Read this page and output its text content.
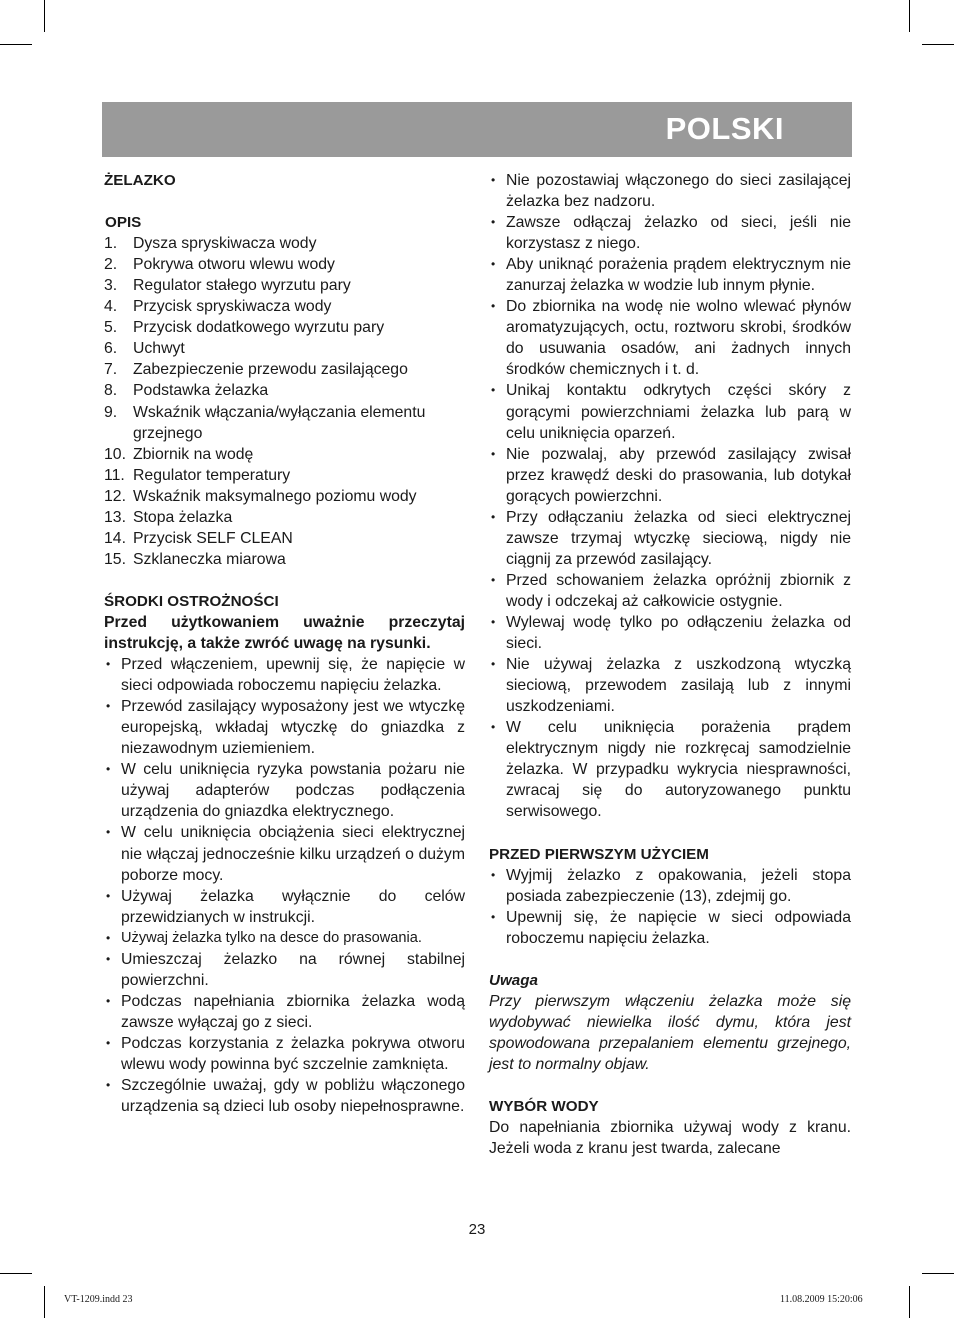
POLSKI

ŻELAZKO

OPIS

1. Dysza spryskiwacza wody
2. Pokrywa otworu wlewu wody
3. Regulator stałego wyrzutu pary
4. Przycisk spryskiwacza wody
5. Przycisk dodatkowego wyrzutu pary
6. Uchwyt
7. Zabezpieczenie przewodu zasilającego
8. Podstawka żelazka
9. Wskaźnik włączania/wyłączania elementu grzejnego
10. Zbiornik na wodę
11. Regulator temperatury
12. Wskaźnik maksymalnego poziomu wody
13. Stopa żelazka
14. Przycisk SELF CLEAN
15. Szklaneczka miarowa

ŚRODKI OSTROŻNOŚCI

Przed użytkowaniem uważnie przeczytaj instrukcję, a także zwróć uwagę na rysunki.

• Przed włączeniem, upewnij się, że napięcie w sieci odpowiada roboczemu napięciu żelazka.
• Przewód zasilający wyposażony jest we wtyczkę europejską, wkładaj wtyczkę do gniazdka z niezawodnym uziemieniem.
• W celu uniknięcia ryzyka powstania pożaru nie używaj adapterów podczas podłączenia urządzenia do gniazdka elektrycznego.
• W celu uniknięcia obciążenia sieci elektrycznej nie włączaj jednocześnie kilku urządzeń o dużym poborze mocy.
• Używaj żelazka wyłącznie do celów przewidzianych w instrukcji.
• Używaj żelazka tylko na desce do prasowania.
• Umieszczaj żelazko na równej stabilnej powierzchni.
• Podczas napełniania zbiornika żelazka wodą zawsze wyłączaj go z sieci.
• Podczas korzystania z żelazka pokrywa otworu wlewu wody powinna być szczelnie zamknięta.
• Szczególnie uważaj, gdy w pobliżu włączonego urządzenia są dzieci lub osoby niepełnosprawne.
• Nie pozostawiaj włączonego do sieci zasilającej żelazka bez nadzoru.
• Zawsze odłączaj żelazko od sieci, jeśli nie korzystasz z niego.
• Aby uniknąć porażenia prądem elektrycznym nie zanurzaj żelazka w wodzie lub innym płynie.
• Do zbiornika na wodę nie wolno wlewać płynów aromatyzujących, octu, roztworu skrobi, środków do usuwania osadów, ani żadnych innych środków chemicznych i t. d.
• Unikaj kontaktu odkrytych części skóry z gorącymi powierzchniami żelazka lub parą w celu uniknięcia oparzeń.
• Nie pozwalaj, aby przewód zasilający zwisał przez krawędź deski do prasowania, lub dotykał gorących powierzchni.
• Przy odłączaniu żelazka od sieci elektrycznej zawsze trzymaj wtyczkę sieciową, nigdy nie ciągnij za przewód zasilający.
• Przed schowaniem żelazka opróżnij zbiornik z wody i odczekaj aż całkowicie ostygnie.
• Wylewaj wodę tylko po odłączeniu żelazka od sieci.
• Nie używaj żelazka z uszkodzoną wtyczką sieciową, przewodem zasilają lub z innymi uszkodzeniami.
• W celu uniknięcia porażenia prądem elektrycznym nigdy nie rozkręcaj samodzielnie żelazka. W przypadku wykrycia niesprawności, zwracaj się do autoryzowanego punktu serwisowego.

PRZED PIERWSZYM UŻYCIEM

• Wyjmij żelazko z opakowania, jeżeli stopa posiada zabezpieczenie (13), zdejmij go.
• Upewnij się, że napięcie w sieci odpowiada roboczemu napięciu żelazka.

Uwaga

Przy pierwszym włączeniu żelazka może się wydobywać niewielka ilość dymu, która jest spowodowana przepalaniem elementu grzejnego, jest to normalny objaw.

WYBÓR WODY

Do napełniania zbiornika używaj wody z kranu. Jeżeli woda z kranu jest twarda, zalecane

23
VT-1209.indd 23	11.08.2009 15:20:06
